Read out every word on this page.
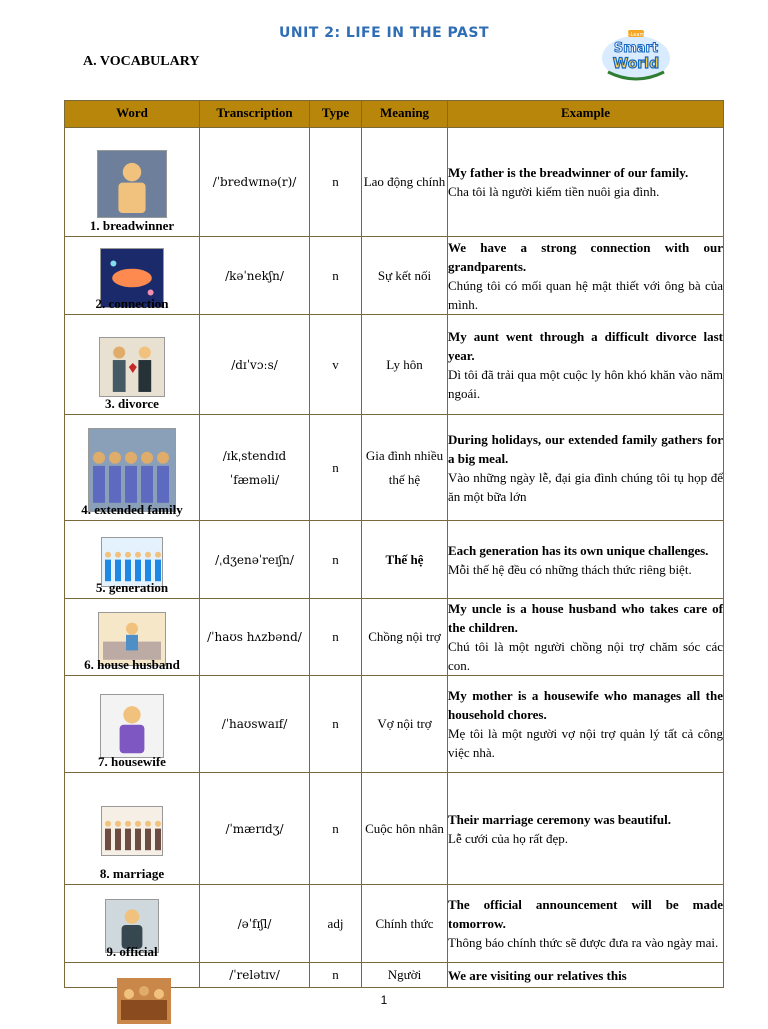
UNIT 2: LIFE IN THE PAST
A. VOCABULARY
i-Learn
Smart
World
Word	Transcription	Type	Meaning	Example

1. breadwinner	/ˈbredwɪnə(r)/	n	Lao động chính	My father is the breadwinner of our family.
Cha tôi là người kiếm tiền nuôi gia đình.

2. connection	/kəˈnekʃn/	n	Sự kết nối	We have a strong connection with our grandparents.
Chúng tôi có mối quan hệ mật thiết với ông bà của mình.

3. divorce	/dɪˈvɔːs/	v	Ly hôn	My aunt went through a difficult divorce last year.
Dì tôi đã trải qua một cuộc ly hôn khó khăn vào năm ngoái.

4. extended family	/ɪkˌstendɪd ˈfæməli/	n	Gia đình nhiều thế hệ	During holidays, our extended family gathers for a big meal.
Vào những ngày lễ, đại gia đình chúng tôi tụ họp để ăn một bữa lớn

5. generation	/ˌdʒenəˈreɪʃn/	n	Thế hệ	Each generation has its own unique challenges.
Mỗi thế hệ đều có những thách thức riêng biệt.

6. house husband	/ˈhaʊs hʌzbənd/	n	Chồng nội trợ	My uncle is a house husband who takes care of the children.
Chú tôi là một người chồng nội trợ chăm sóc các con.

7. housewife	/ˈhaʊswaɪf/	n	Vợ nội trợ	My mother is a housewife who manages all the household chores.
Mẹ tôi là một người vợ nội trợ quản lý tất cả công việc nhà.

8. marriage	/ˈmærɪdʒ/	n	Cuộc hôn nhân	Their marriage ceremony was beautiful.
Lễ cưới của họ rất đẹp.

9. official	/əˈfɪʃl/	adj	Chính thức	The official announcement will be made tomorrow.
Thông báo chính thức sẽ được đưa ra vào ngày mai.

	/ˈrelətɪv/	n	Người	We are visiting our relatives this
1
